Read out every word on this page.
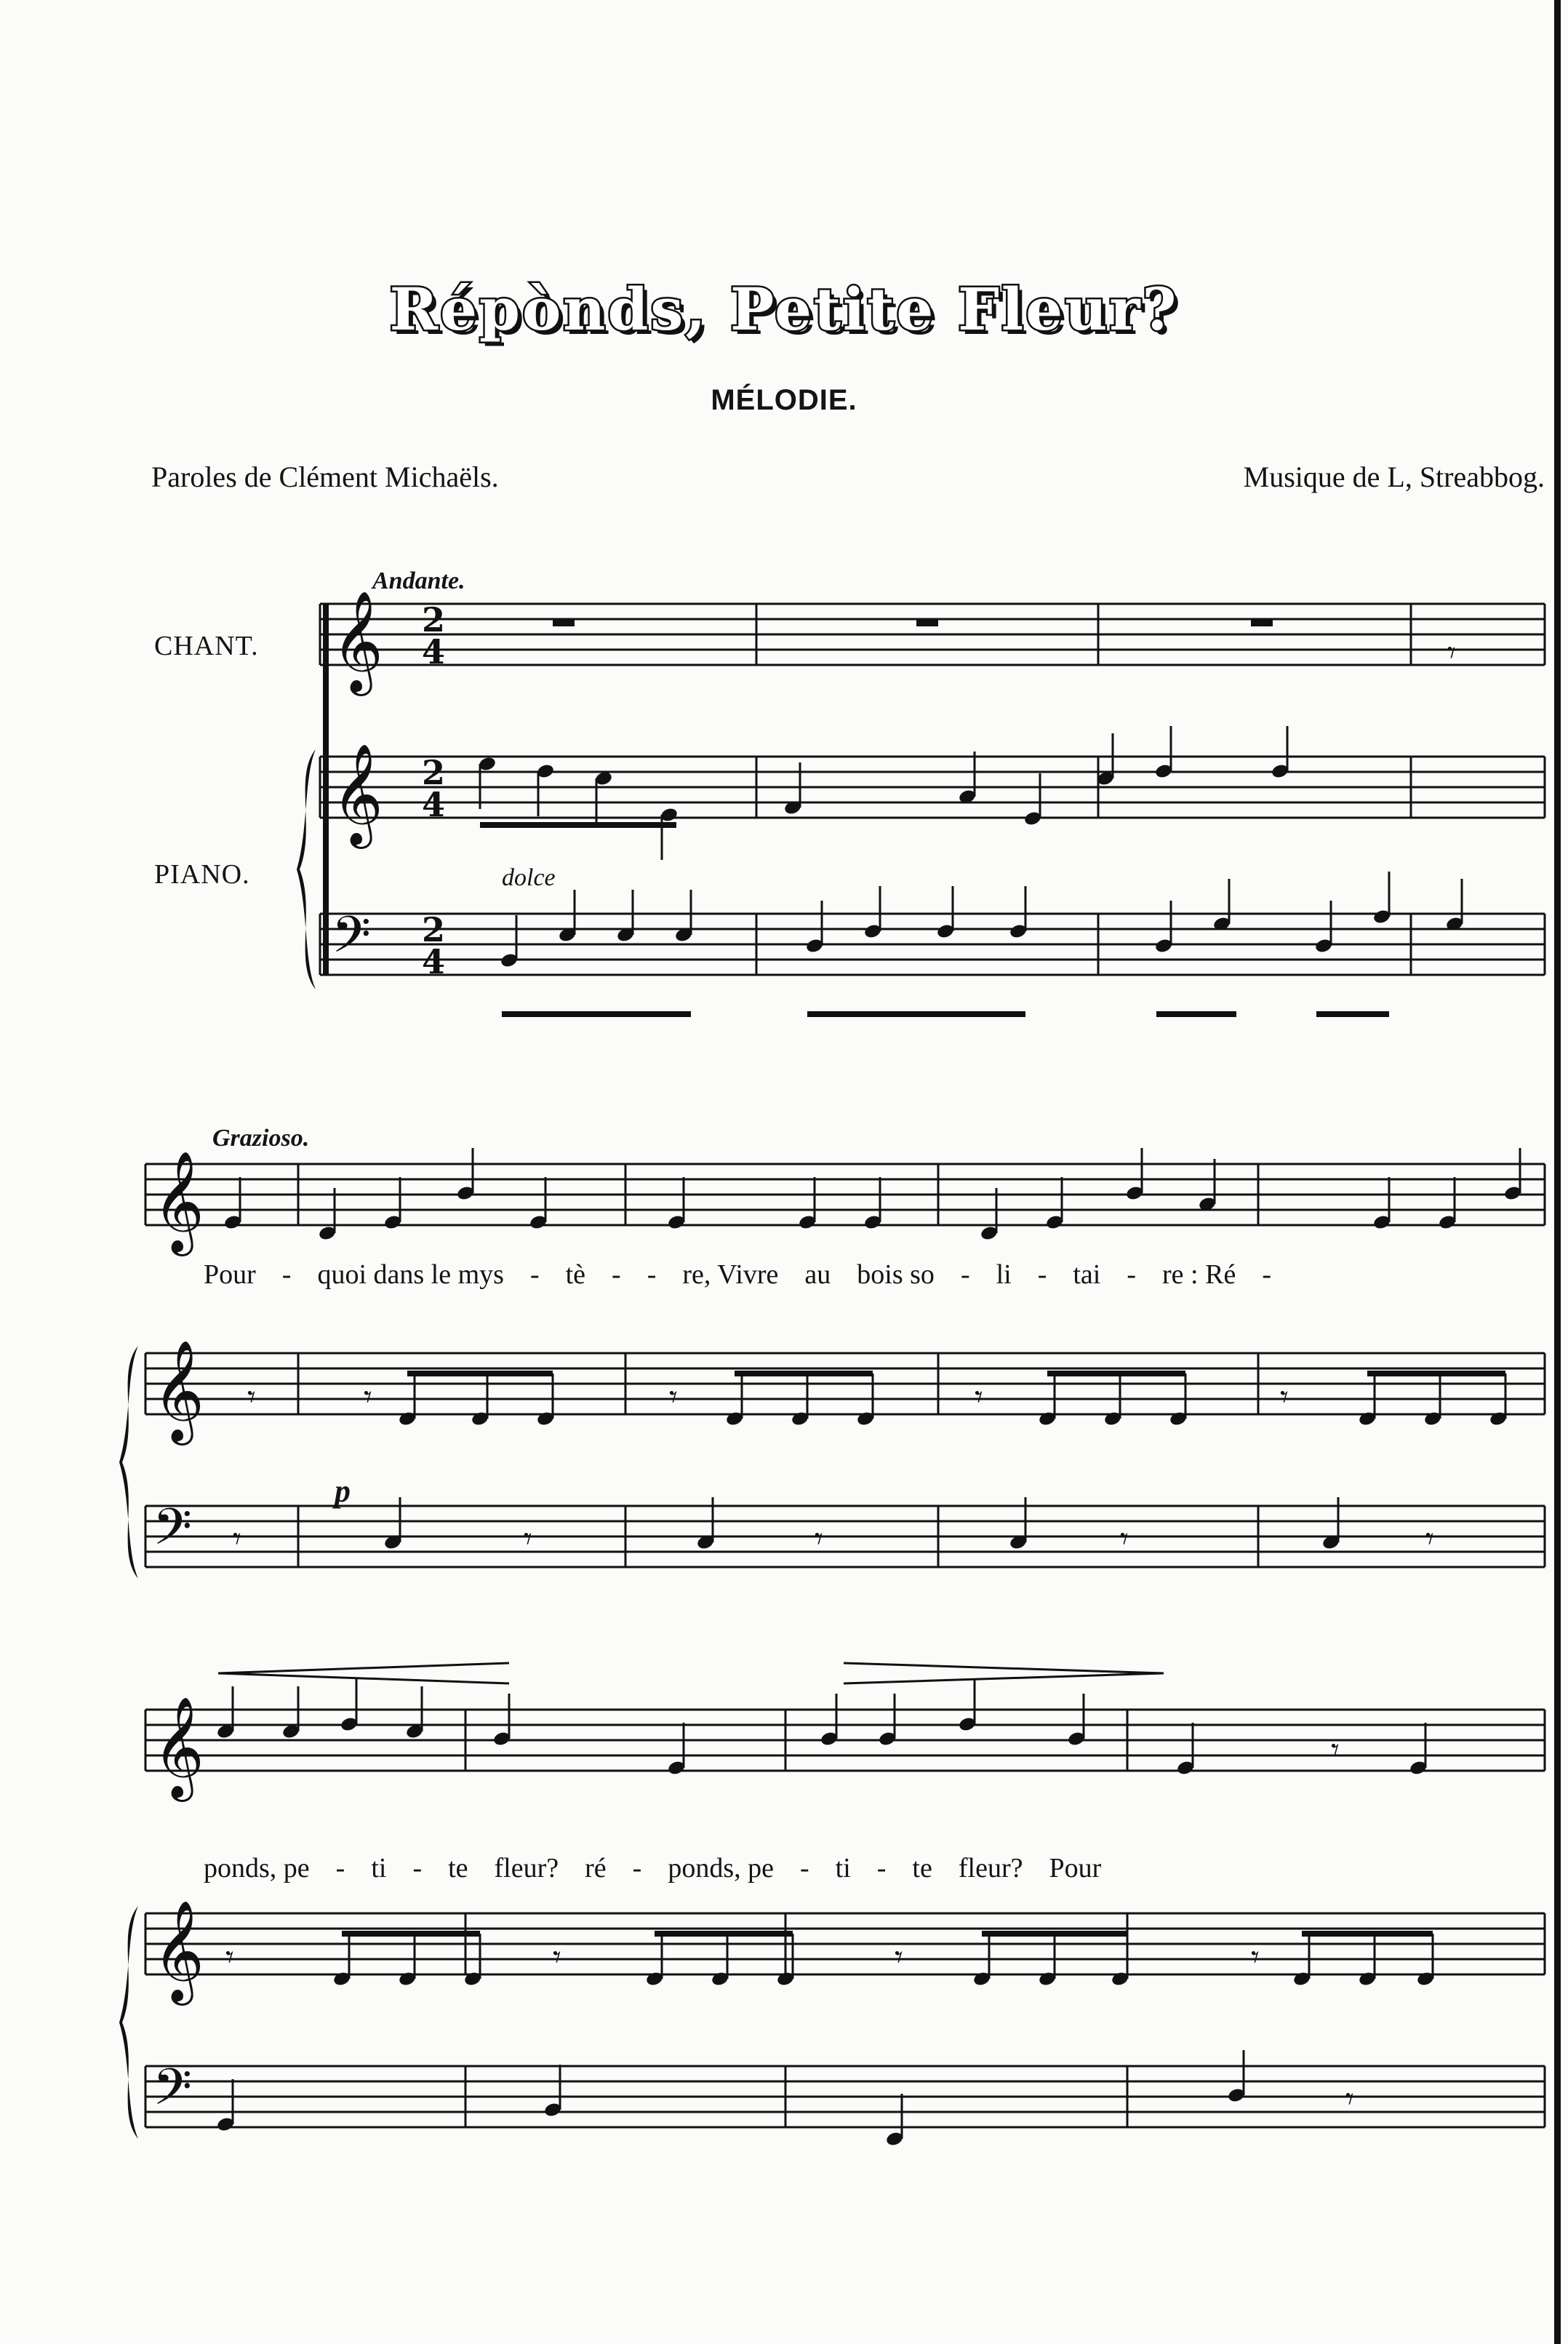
Répònds, Petite Fleur?
MÉLODIE.
Paroles de Clément Michaëls.	Musique de L, Streabbog.
CHANT.
PIANO.
Andante.
dolce
Grazioso.
p
Pour - quoi dans le mys - tè - - re, Vivre au bois so - li - tai - re : Ré -
ponds, pe - ti - te fleur? ré - ponds, pe - ti - te fleur? Pour
𝄞 2
4
𝄞 2
4
𝄢 2
4
𝄾
𝄞
𝄞
𝄢
𝄾	𝄾	𝄾	𝄾	𝄾
𝄾	𝄾	𝄾	𝄾	𝄾
𝄞
𝄞
𝄢
𝄾
𝄾	𝄾	𝄾	𝄾
𝄾
